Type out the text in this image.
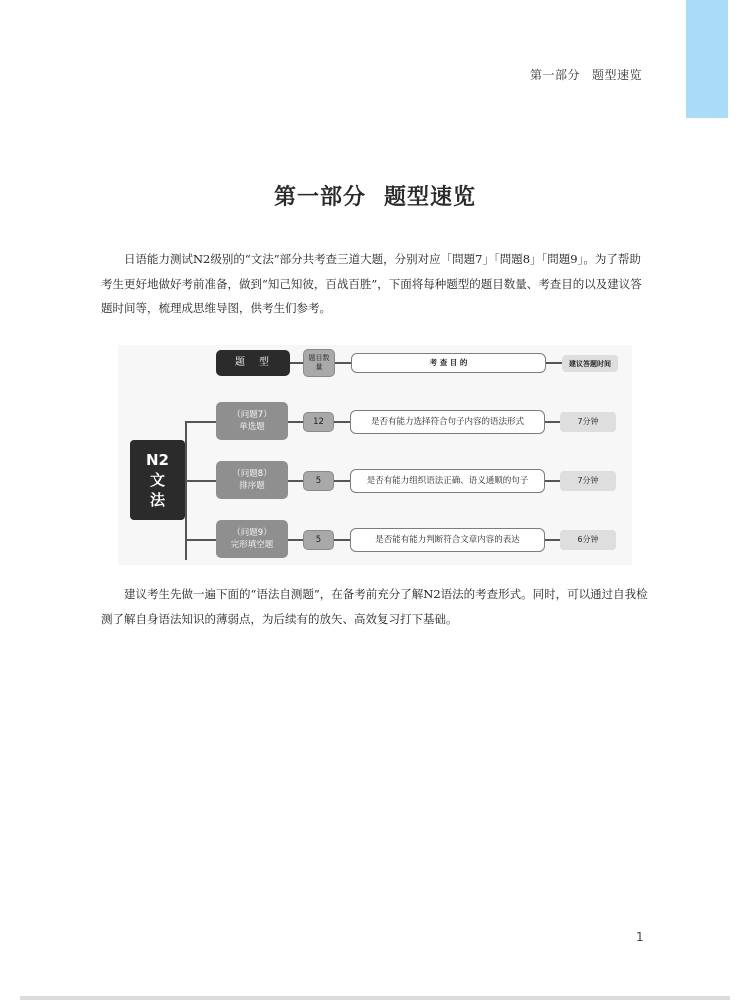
第一部分 题型速览
第一部分 题型速览

日语能力测试N2级别的“文法”部分共考查三道大题，分别对应「問題7」「問題8」「問題9」。为了帮助考生更好地做好考前准备，做到“知己知彼，百战百胜”，下面将每种题型的题目数量、考查目的以及建议答题时间等，梳理成思维导图，供考生们参考。

N2
文
法
题　型	题目数量	考 查 目 的	建议答题时间
（问题7）
单选题	12	是否有能力选择符合句子内容的语法形式	7分钟
（问题8）
排序题	5	是否有能力组织语法正确、语义通顺的句子	7分钟
（问题9）
完形填空题	5	是否能有能力判断符合文章内容的表达	6分钟

建议考生先做一遍下面的“语法自测题”，在备考前充分了解N2语法的考查形式。同时，可以通过自我检测了解自身语法知识的薄弱点，为后续有的放矢、高效复习打下基础。

1
